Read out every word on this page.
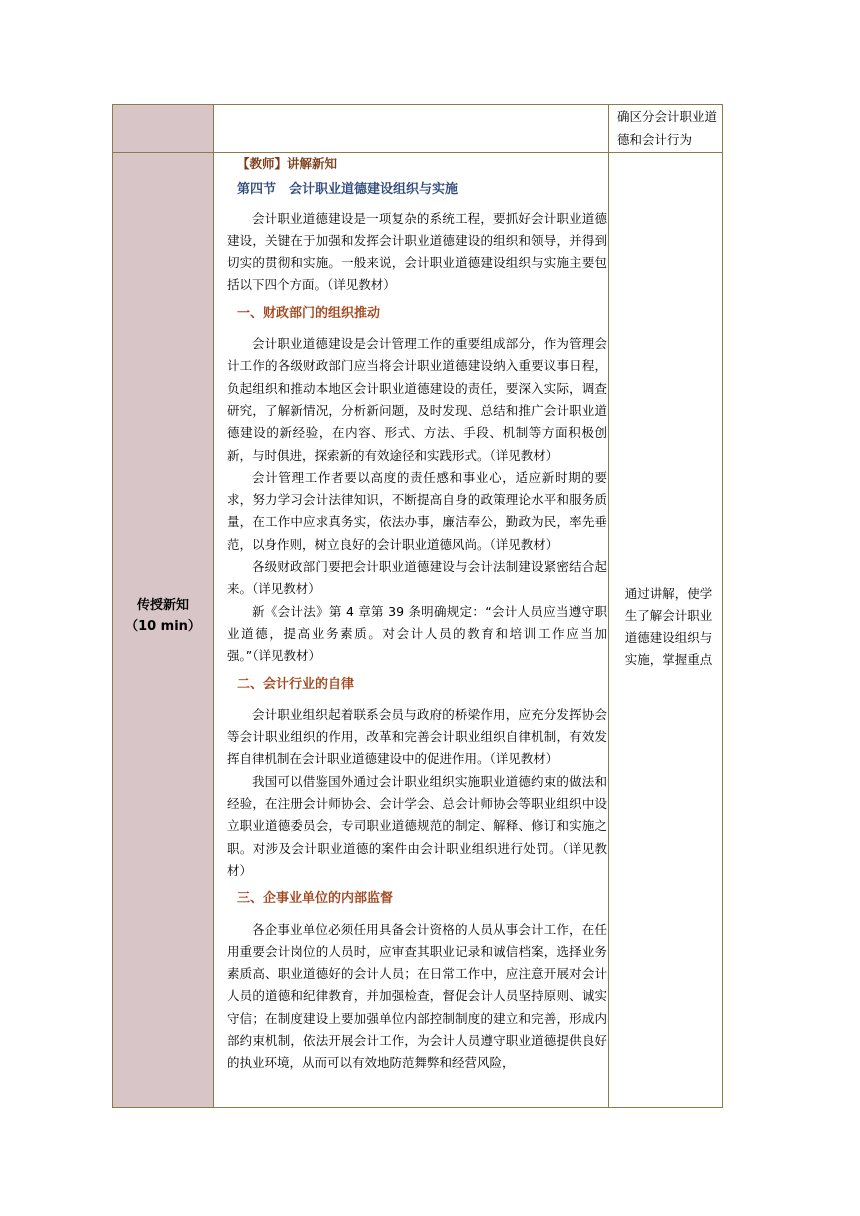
确区分会计职业道德和会计行为
传授新知
（10 min）
通过讲解，使学生了解会计职业道德建设组织与实施，掌握重点

【教师】讲解新知

第四节　会计职业道德建设组织与实施

会计职业道德建设是一项复杂的系统工程，要抓好会计职业道德建设，关键在于加强和发挥会计职业道德建设的组织和领导，并得到切实的贯彻和实施。一般来说，会计职业道德建设组织与实施主要包括以下四个方面。（详见教材）

一、财政部门的组织推动

会计职业道德建设是会计管理工作的重要组成部分，作为管理会计工作的各级财政部门应当将会计职业道德建设纳入重要议事日程，负起组织和推动本地区会计职业道德建设的责任，要深入实际，调查研究，了解新情况，分析新问题，及时发现、总结和推广会计职业道德建设的新经验，在内容、形式、方法、手段、机制等方面积极创新，与时俱进，探索新的有效途径和实践形式。（详见教材）

会计管理工作者要以高度的责任感和事业心，适应新时期的要求，努力学习会计法律知识，不断提高自身的政策理论水平和服务质量，在工作中应求真务实，依法办事，廉洁奉公，勤政为民，率先垂范，以身作则，树立良好的会计职业道德风尚。（详见教材）

各级财政部门要把会计职业道德建设与会计法制建设紧密结合起来。（详见教材）

新《会计法》第 4 章第 39 条明确规定：“会计人员应当遵守职业道德，提高业务素质。对会计人员的教育和培训工作应当加强。”（详见教材）

二、会计行业的自律

会计职业组织起着联系会员与政府的桥梁作用，应充分发挥协会等会计职业组织的作用，改革和完善会计职业组织自律机制，有效发挥自律机制在会计职业道德建设中的促进作用。（详见教材）

我国可以借鉴国外通过会计职业组织实施职业道德约束的做法和经验，在注册会计师协会、会计学会、总会计师协会等职业组织中设立职业道德委员会，专司职业道德规范的制定、解释、修订和实施之职。对涉及会计职业道德的案件由会计职业组织进行处罚。（详见教材）

三、企事业单位的内部监督

各企事业单位必须任用具备会计资格的人员从事会计工作，在任用重要会计岗位的人员时，应审查其职业记录和诚信档案，选择业务素质高、职业道德好的会计人员；在日常工作中，应注意开展对会计人员的道德和纪律教育，并加强检查，督促会计人员坚持原则、诚实守信；在制度建设上要加强单位内部控制制度的建立和完善，形成内部约束机制，依法开展会计工作，为会计人员遵守职业道德提供良好的执业环境，从而可以有效地防范舞弊和经营风险，
